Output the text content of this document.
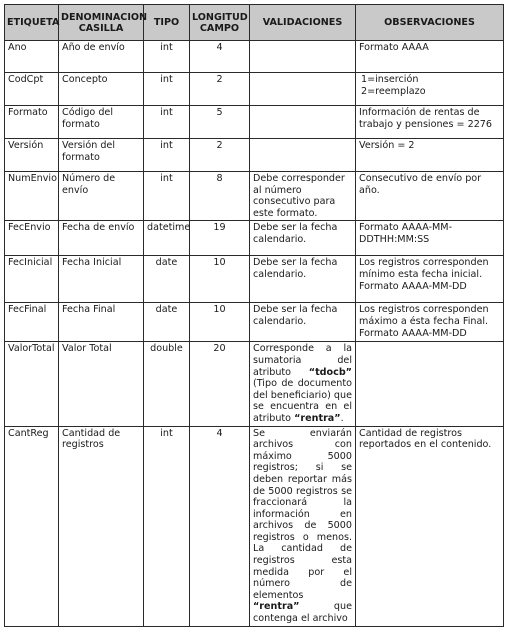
ETIQUETA	DENOMINACION CASILLA	TIPO	LONGITUD CAMPO	VALIDACIONES	OBSERVACIONES
Ano	Año de envío	int	4		Formato AAAA

CodCpt	Concepto	int	2		1=inserción
2=reemplazo

Formato	Código del formato	int	5		Información de rentas de trabajo y pensiones = 2276

Versión	Versión del formato	int	2		Versión = 2

NumEnvio	Número de envío	int	8	Debe corresponder al número consecutivo para este formato.	Consecutivo de envío por año.

FecEnvio	Fecha de envío	datetime	19	Debe ser la fecha calendario.	Formato AAAA-MM-DDTHH:MM:SS

FecInicial	Fecha Inicial	date	10	Debe ser la fecha calendario.	Los registros corresponden mínimo esta fecha inicial. Formato AAAA-MM-DD

FecFinal	Fecha Final	date	10	Debe ser la fecha calendario.	Los registros corresponden máximo a ésta fecha Final. Formato AAAA-MM-DD

ValorTotal	Valor Total	double	20	Corresponde a la sumatoria del atributo “tdocb” (Tipo de documento del beneficiario) que se encuentra en el atributo “rentra”.	
CantReg	Cantidad de registros	int	4	Se enviarán archivos con máximo 5000 registros; si se deben reportar más de 5000 registros se fraccionará la información en archivos de 5000 registros o menos. La cantidad de registros esta medida por el número de elementos “rentra” que contenga el archivo	Cantidad de registros reportados en el contenido.
